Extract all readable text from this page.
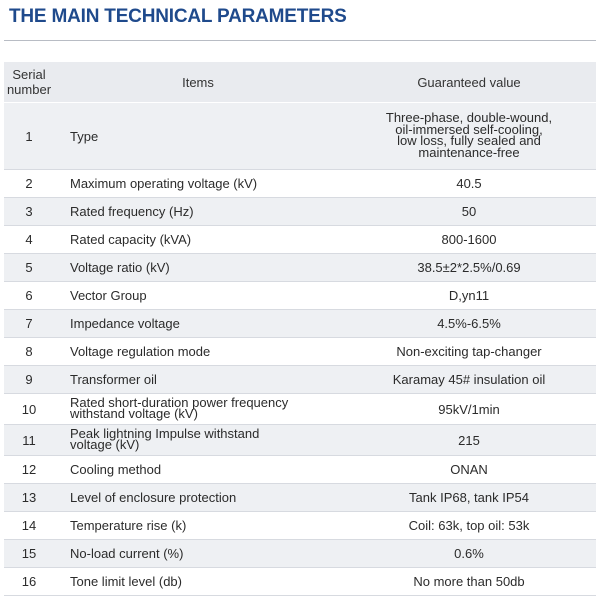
THE MAIN TECHNICAL PARAMETERS
Serial
number	Items	Guaranteed value
1	Type	Three-phase, double-wound,
oil-immersed self-cooling,
low loss, fully sealed and
maintenance-free
2	Maximum operating voltage (kV)	40.5
3	Rated frequency (Hz)	50
4	Rated capacity (kVA)	800-1600
5	Voltage ratio (kV)	38.5±2*2.5%/0.69
6	Vector Group	D,yn11
7	Impedance voltage	4.5%-6.5%
8	Voltage regulation mode	Non-exciting tap-changer
9	Transformer oil	Karamay 45# insulation oil
10	Rated short-duration power frequency
withstand voltage (kV)	95kV/1min
11	Peak lightning Impulse withstand
voltage (kV)	215
12	Cooling method	ONAN
13	Level of enclosure protection	Tank IP68, tank IP54
14	Temperature rise (k)	Coil: 63k, top oil: 53k
15	No-load current (%)	0.6%
16	Tone limit level (db)	No more than 50db
